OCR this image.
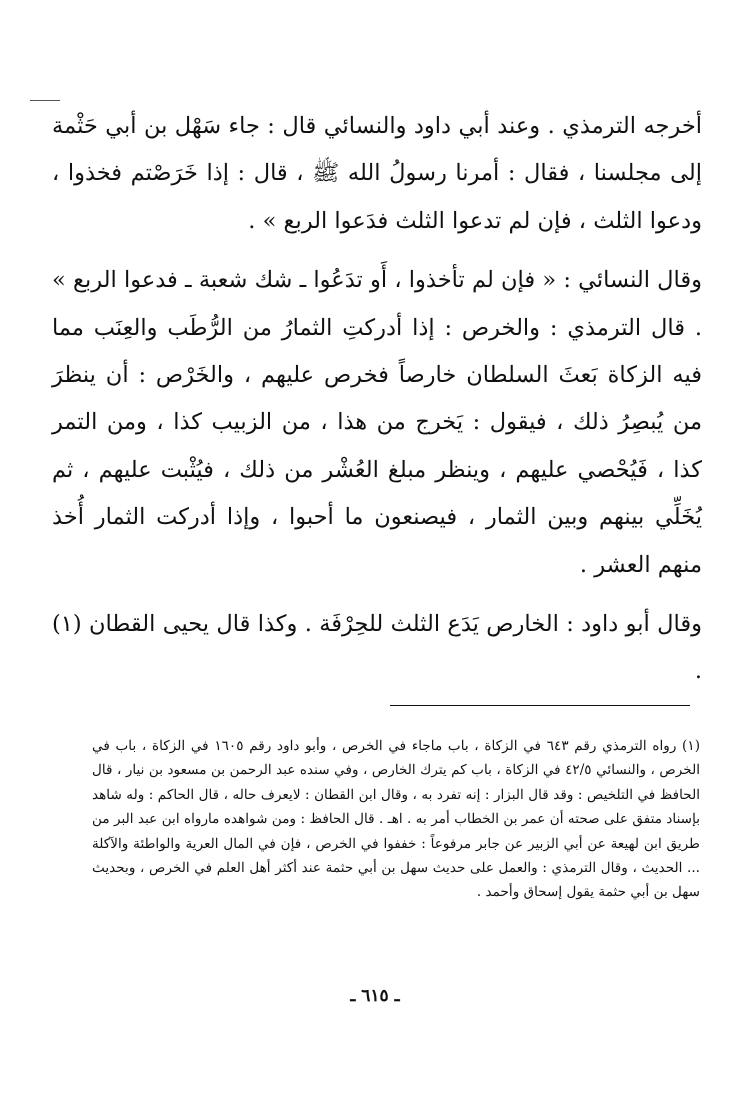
أخرجه الترمذي . وعند أبي داود والنسائي قال : جاء سَهْل بن أبي حَثْمة إلى مجلسنا ، فقال : أمرنا رسولُ الله ﷺ ، قال : إذا خَرَصْتم فخذوا ، ودعوا الثلث ، فإن لم تدعوا الثلث فدَعوا الربع » .

وقال النسائي : « فإن لم تأخذوا ، أَو تدَعُوا ـ شك شعبة ـ فدعوا الربع » . قال الترمذي : والخرص : إذا أدركتِ الثمارُ من الرُّطَب والعِنَب مما فيه الزكاة بَعثَ السلطان خارصاً فخرص عليهم ، والخَرْص : أن ينظرَ من يُبصِرُ ذلك ، فيقول : يَخرج من هذا ، من الزبيب كذا ، ومن التمر كذا ، فَيُحْصي عليهم ، وينظر مبلغ العُشْر من ذلك ، فيُثْبت عليهم ، ثم يُخَلِّي بينهم وبين الثمار ، فيصنعون ما أحبوا ، وإذا أدركت الثمار أُخذ منهم العشر .

وقال أبو داود : الخارص يَدَع الثلث للحِرْفَة . وكذا قال يحيى القطان (١) .

(١) رواه الترمذي رقم ٦٤٣ في الزكاة ، باب ماجاء في الخرص ، وأبو داود رقم ١٦٠٥ في الزكاة ، باب في الخرص ، والنسائي ٤٢/٥ في الزكاة ، باب كم يترك الخارص ، وفي سنده عبد الرحمن بن مسعود بن نيار ، قال الحافظ في التلخيص : وقد قال البزار : إنه تفرد به ، وقال ابن القطان : لايعرف حاله ، قال الحاكم : وله شاهد بإسناد متفق على صحته أن عمر بن الخطاب أمر به . اهـ . قال الحافظ : ومن شواهده مارواه ابن عبد البر من طريق ابن لهيعة عن أبي الزبير عن جابر مرفوعاً : خففوا في الخرص ، فإن في المال العرية والواطئة والآكلة ... الحديث ، وقال الترمذي : والعمل على حديث سهل بن أبي حثمة عند أكثر أهل العلم في الخرص ، وبحديث سهل بن أبي حثمة يقول إسحاق وأحمد .
ـ ٦١٥ ـ
